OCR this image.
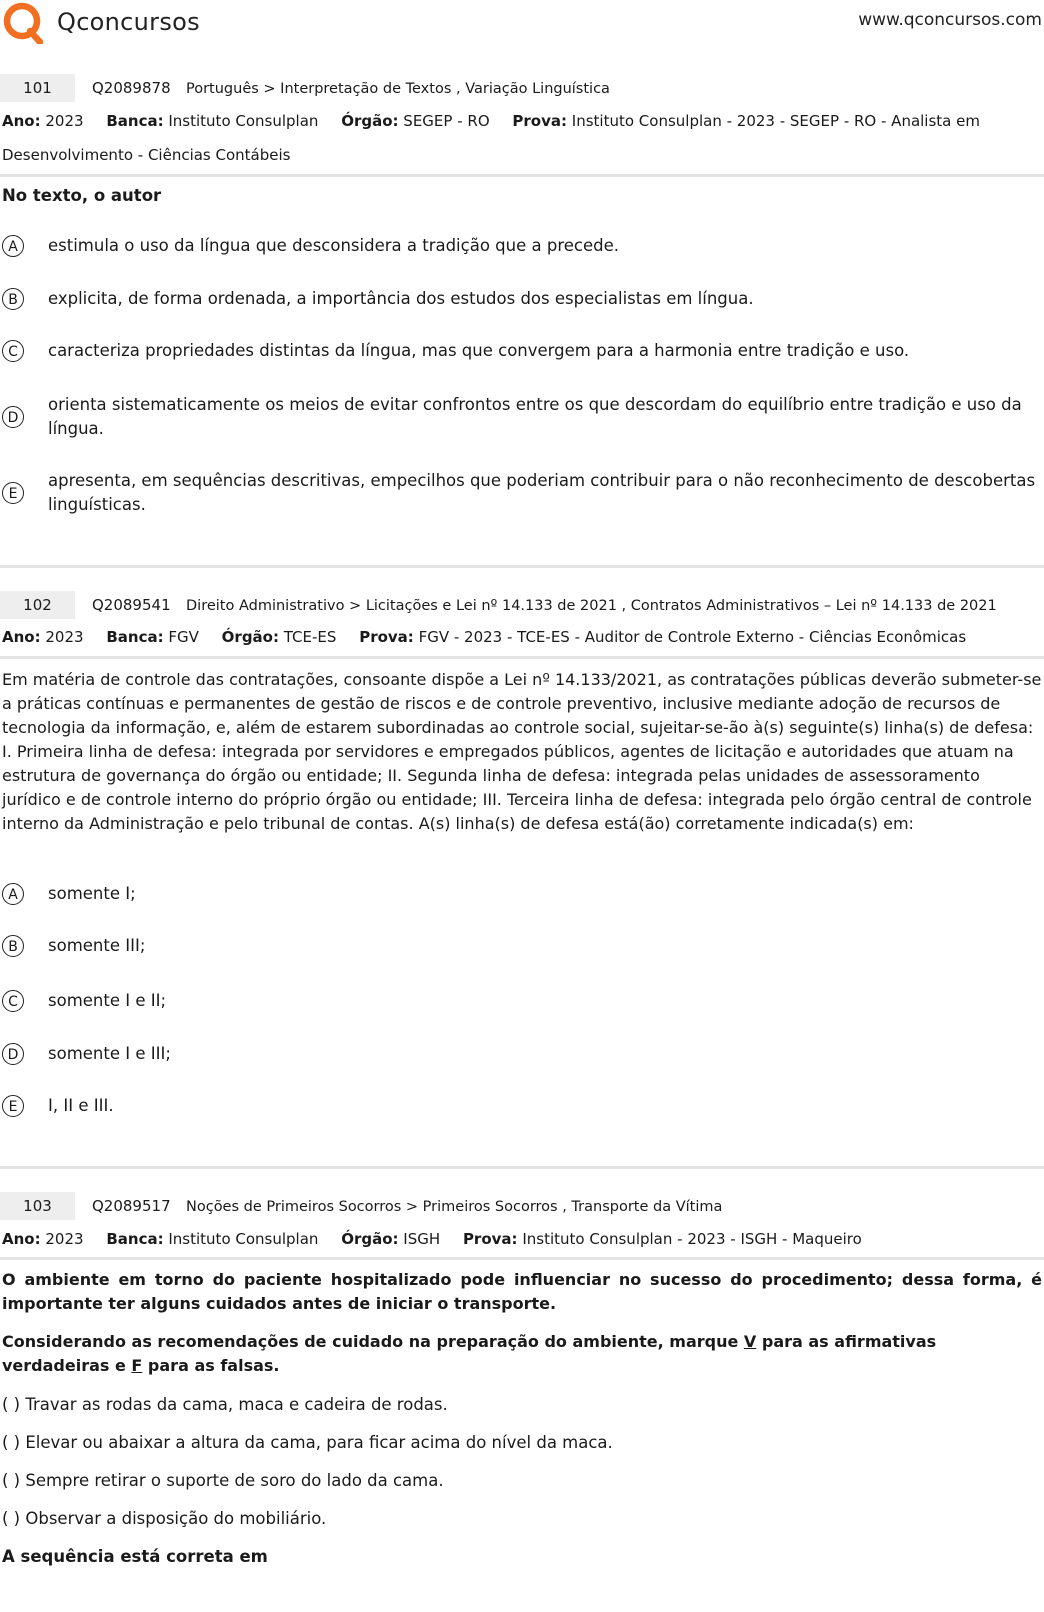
Qconcursos	www.qconcursos.com
101	Q2089878 Português > Interpretação de Textos , Variação Linguística
Ano: 2023 Banca: Instituto Consulplan Órgão: SEGEP - RO Prova: Instituto Consulplan - 2023 - SEGEP - RO - Analista em
Desenvolvimento - Ciências Contábeis
No texto, o autor
A	estimula o uso da língua que desconsidera a tradição que a precede.
B	explicita, de forma ordenada, a importância dos estudos dos especialistas em língua.
C	caracteriza propriedades distintas da língua, mas que convergem para a harmonia entre tradição e uso.
D
orienta sistematicamente os meios de evitar confrontos entre os que descordam do equilíbrio entre tradição e uso da língua.
E
apresenta, em sequências descritivas, empecilhos que poderiam contribuir para o não reconhecimento de descobertas linguísticas.
102	Q2089541 Direito Administrativo > Licitações e Lei nº 14.133 de 2021 , Contratos Administrativos – Lei nº 14.133 de 2021
Ano: 2023 Banca: FGV Órgão: TCE-ES Prova: FGV - 2023 - TCE-ES - Auditor de Controle Externo - Ciências Econômicas
Em matéria de controle das contratações, consoante dispõe a Lei nº 14.133/2021, as contratações públicas deverão submeter-se a práticas contínuas e permanentes de gestão de riscos e de controle preventivo, inclusive mediante adoção de recursos de tecnologia da informação, e, além de estarem subordinadas ao controle social, sujeitar-se-ão à(s) seguinte(s) linha(s) de defesa:
I. Primeira linha de defesa: integrada por servidores e empregados públicos, agentes de licitação e autoridades que atuam na estrutura de governança do órgão ou entidade; II. Segunda linha de defesa: integrada pelas unidades de assessoramento jurídico e de controle interno do próprio órgão ou entidade; III. Terceira linha de defesa: integrada pelo órgão central de controle interno da Administração e pelo tribunal de contas. A(s) linha(s) de defesa está(ão) corretamente indicada(s) em:
A	somente I;
B	somente III;
C	somente I e II;
D	somente I e III;
E	I, II e III.
103	Q2089517 Noções de Primeiros Socorros > Primeiros Socorros , Transporte da Vítima
Ano: 2023 Banca: Instituto Consulplan Órgão: ISGH Prova: Instituto Consulplan - 2023 - ISGH - Maqueiro
O ambiente em torno do paciente hospitalizado pode influenciar no sucesso do procedimento; dessa forma, é importante ter alguns cuidados antes de iniciar o transporte.
Considerando as recomendações de cuidado na preparação do ambiente, marque V para as afirmativas verdadeiras e F para as falsas.
( ) Travar as rodas da cama, maca e cadeira de rodas.
( ) Elevar ou abaixar a altura da cama, para ficar acima do nível da maca.
( ) Sempre retirar o suporte de soro do lado da cama.
( ) Observar a disposição do mobiliário.
A sequência está correta em
